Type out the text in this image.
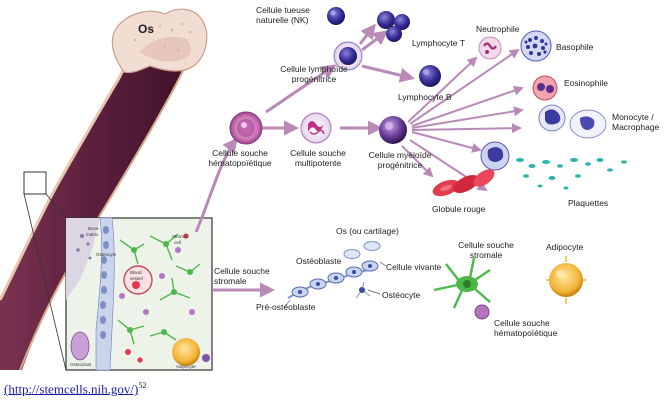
Bone
matrix	Stromal
cell
Blood
vessel
Osteoclast	Adipocyte
Osteocyte
Os
Cellule souche
hématopoïétique
Cellule lymphoïde
progénitrice
Cellule souche
multipotente
Cellule myéloïde
progénitrice
Cellule tueuse
naturelle (NK)
Lymphocyte T
Lymphocyte B
Neutrophile
Basophile
Eosinophile
Monocyte /
Macrophage
Plaquettes
Globule rouge
Cellule souche
stromale
Os (ou cartilage)
Ostéoblaste
Cellule vivante
Pré-ostéoblaste
Ostéocyte
Cellule souche
stromale
Adipocyte
Cellule souche
hématopoïétique
(http://stemcells.nih.gov/)$^{52}$
